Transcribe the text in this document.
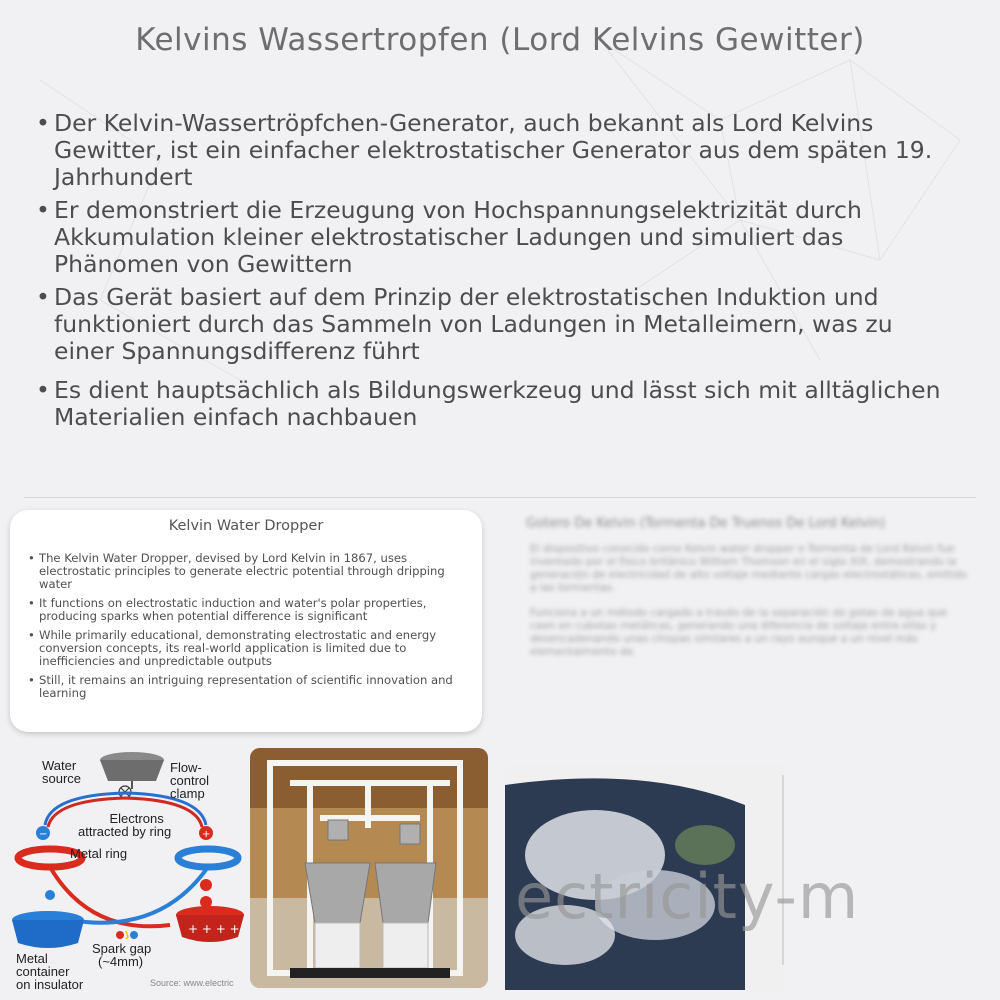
Kelvins Wassertropfen (Lord Kelvins Gewitter)
• Der Kelvin-Wassertröpfchen-Generator, auch bekannt als Lord Kelvins Gewitter, ist ein einfacher elektrostatischer Generator aus dem späten 19. Jahrhundert
• Er demonstriert die Erzeugung von Hochspannungselektrizität durch Akkumulation kleiner elektrostatischer Ladungen und simuliert das Phänomen von Gewittern
• Das Gerät basiert auf dem Prinzip der elektrostatischen Induktion und funktioniert durch das Sammeln von Ladungen in Metalleimern, was zu einer Spannungsdifferenz führt
• Es dient hauptsächlich als Bildungswerkzeug und lässt sich mit alltäglichen Materialien einfach nachbauen
Kelvin Water Dropper
• The Kelvin Water Dropper, devised by Lord Kelvin in 1867, uses electrostatic principles to generate electric potential through dripping water
• It functions on electrostatic induction and water's polar properties, producing sparks when potential difference is significant
• While primarily educational, demonstrating electrostatic and energy conversion concepts, its real-world application is limited due to inefficiencies and unpredictable outputs
• Still, it remains an intriguing representation of scientific innovation and learning
Gotero De Kelvin (Tormenta De Truenos De Lord Kelvin)
El dispositivo conocido como Kelvin water dropper o Tormenta de Lord Kelvin fue inventado por el físico británico William Thomson en el siglo XIX, demostrando la generación de electricidad de alto voltaje mediante cargas electrostáticas, emitido a las tormentas.
Funciona a un método cargado a través de la separación de gotas de agua que caen en cubetas metálicas, generando una diferencia de voltaje entre ellas y desencadenando unas chispas similares a un rayo aunque a un nivel más elementalmente de.
−	+
+ + + +
Water
source
Flow-
control
clamp
Electrons
attracted by ring
Metal ring
Spark gap
(~4mm)
Metal
container
on insulator	Source: www.electric
ectricity-m
